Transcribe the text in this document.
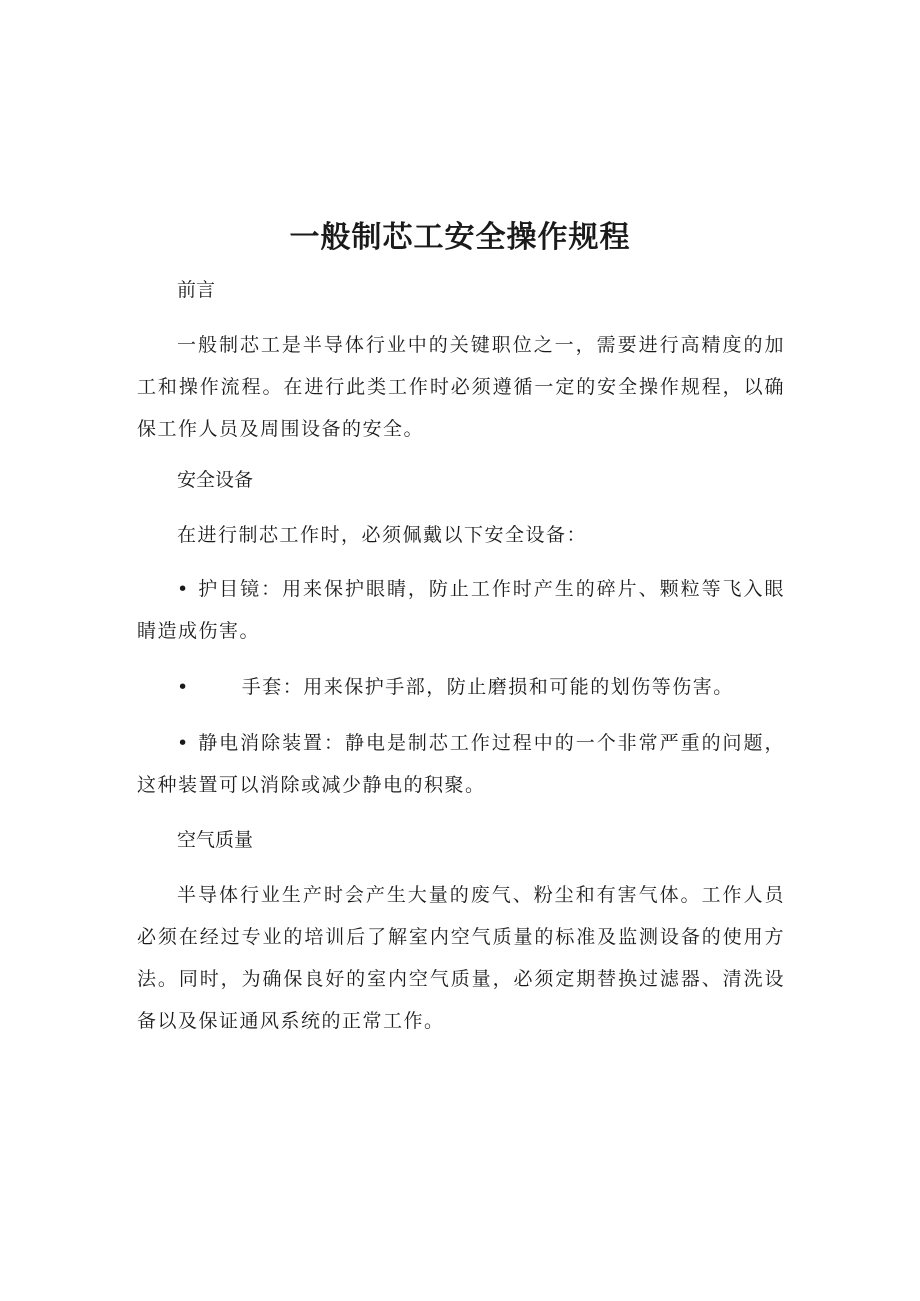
一般制芯工安全操作规程
前言

一般制芯工是半导体行业中的关键职位之一，需要进行高精度的加工和操作流程。在进行此类工作时必须遵循一定的安全操作规程，以确保工作人员及周围设备的安全。

安全设备

在进行制芯工作时，必须佩戴以下安全设备：

• 护目镜：用来保护眼睛，防止工作时产生的碎片、颗粒等飞入眼睛造成伤害。

•	手套：用来保护手部，防止磨损和可能的划伤等伤害。

• 静电消除装置：静电是制芯工作过程中的一个非常严重的问题，这种装置可以消除或减少静电的积聚。

空气质量

半导体行业生产时会产生大量的废气、粉尘和有害气体。工作人员必须在经过专业的培训后了解室内空气质量的标准及监测设备的使用方法。同时，为确保良好的室内空气质量，必须定期替换过滤器、清洗设备以及保证通风系统的正常工作。
